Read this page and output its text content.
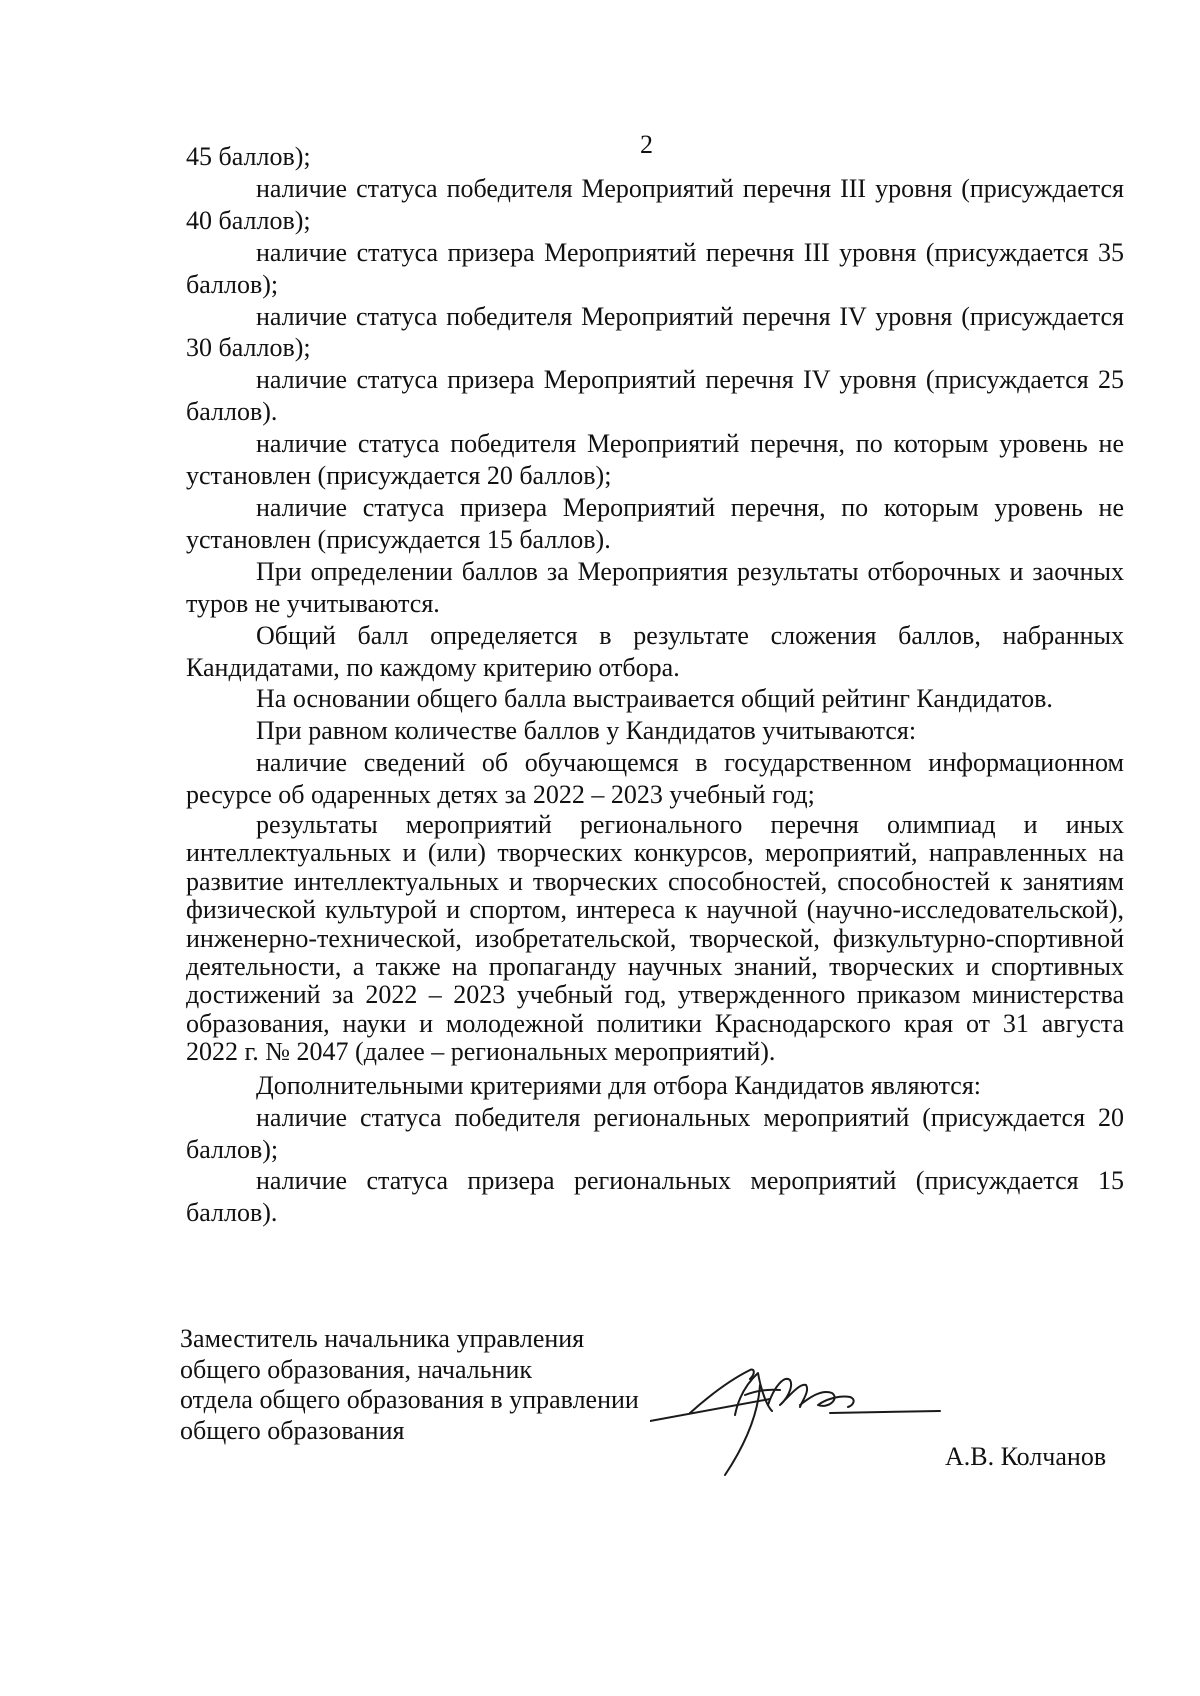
2

45 баллов);

наличие статуса победителя Мероприятий перечня III уровня (присуждается 40 баллов);

наличие статуса призера Мероприятий перечня III уровня (присуждается 35 баллов);

наличие статуса победителя Мероприятий перечня IV уровня (присуждается 30 баллов);

наличие статуса призера Мероприятий перечня IV уровня (присуждается 25 баллов).

наличие статуса победителя Мероприятий перечня, по которым уровень не установлен (присуждается 20 баллов);

наличие статуса призера Мероприятий перечня, по которым уровень не установлен (присуждается 15 баллов).

При определении баллов за Мероприятия результаты отборочных и заочных туров не учитываются.

Общий балл определяется в результате сложения баллов, набранных Кандидатами, по каждому критерию отбора.

На основании общего балла выстраивается общий рейтинг Кандидатов.

При равном количестве баллов у Кандидатов учитываются:

наличие сведений об обучающемся в государственном информационном ресурсе об одаренных детях за 2022 – 2023 учебный год;

результаты мероприятий регионального перечня олимпиад и иных интеллектуальных и (или) творческих конкурсов, мероприятий, направленных на развитие интеллектуальных и творческих способностей, способностей к занятиям физической культурой и спортом, интереса к научной (научно-исследовательской), инженерно-технической, изобретательской, творческой, физкультурно-спортивной деятельности, а также на пропаганду научных знаний, творческих и спортивных достижений за 2022 – 2023 учебный год, утвержденного приказом министерства образования, науки и молодежной политики Краснодарского края от 31 августа 2022 г. № 2047 (далее – региональных мероприятий).

Дополнительными критериями для отбора Кандидатов являются:

наличие статуса победителя региональных мероприятий (присуждается 20 баллов);

наличие статуса призера региональных мероприятий (присуждается 15 баллов).

Заместитель начальника управления
общего образования, начальник
отдела общего образования в управлении
общего образования
А.В. Колчанов
